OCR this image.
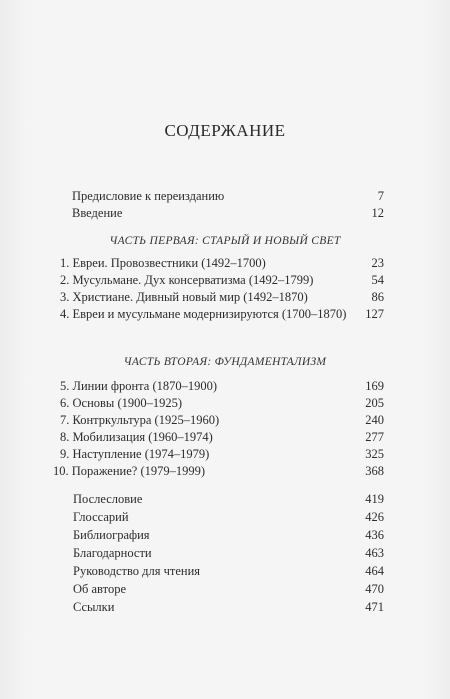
СОДЕРЖАНИЕ
Предисловие к переизданию	7
Введение	12
ЧАСТЬ ПЕРВАЯ: СТАРЫЙ И НОВЫЙ СВЕТ
1. Евреи. Провозвестники (1492–1700)	23
2. Мусульмане. Дух консерватизма (1492–1799)	54
3. Христиане. Дивный новый мир (1492–1870)	86
4. Евреи и мусульмане модернизируются (1700–1870) 127
ЧАСТЬ ВТОРАЯ: ФУНДАМЕНТАЛИЗМ
5. Линии фронта (1870–1900)	169
6. Основы (1900–1925)	205
7. Контркультура (1925–1960)	240
8. Мобилизация (1960–1974)	277
9. Наступление (1974–1979)	325
10. Поражение? (1979–1999)	368
Послесловие	419
Глоссарий	426
Библиография	436
Благодарности	463
Руководство для чтения	464
Об авторе	470
Ссылки	471
